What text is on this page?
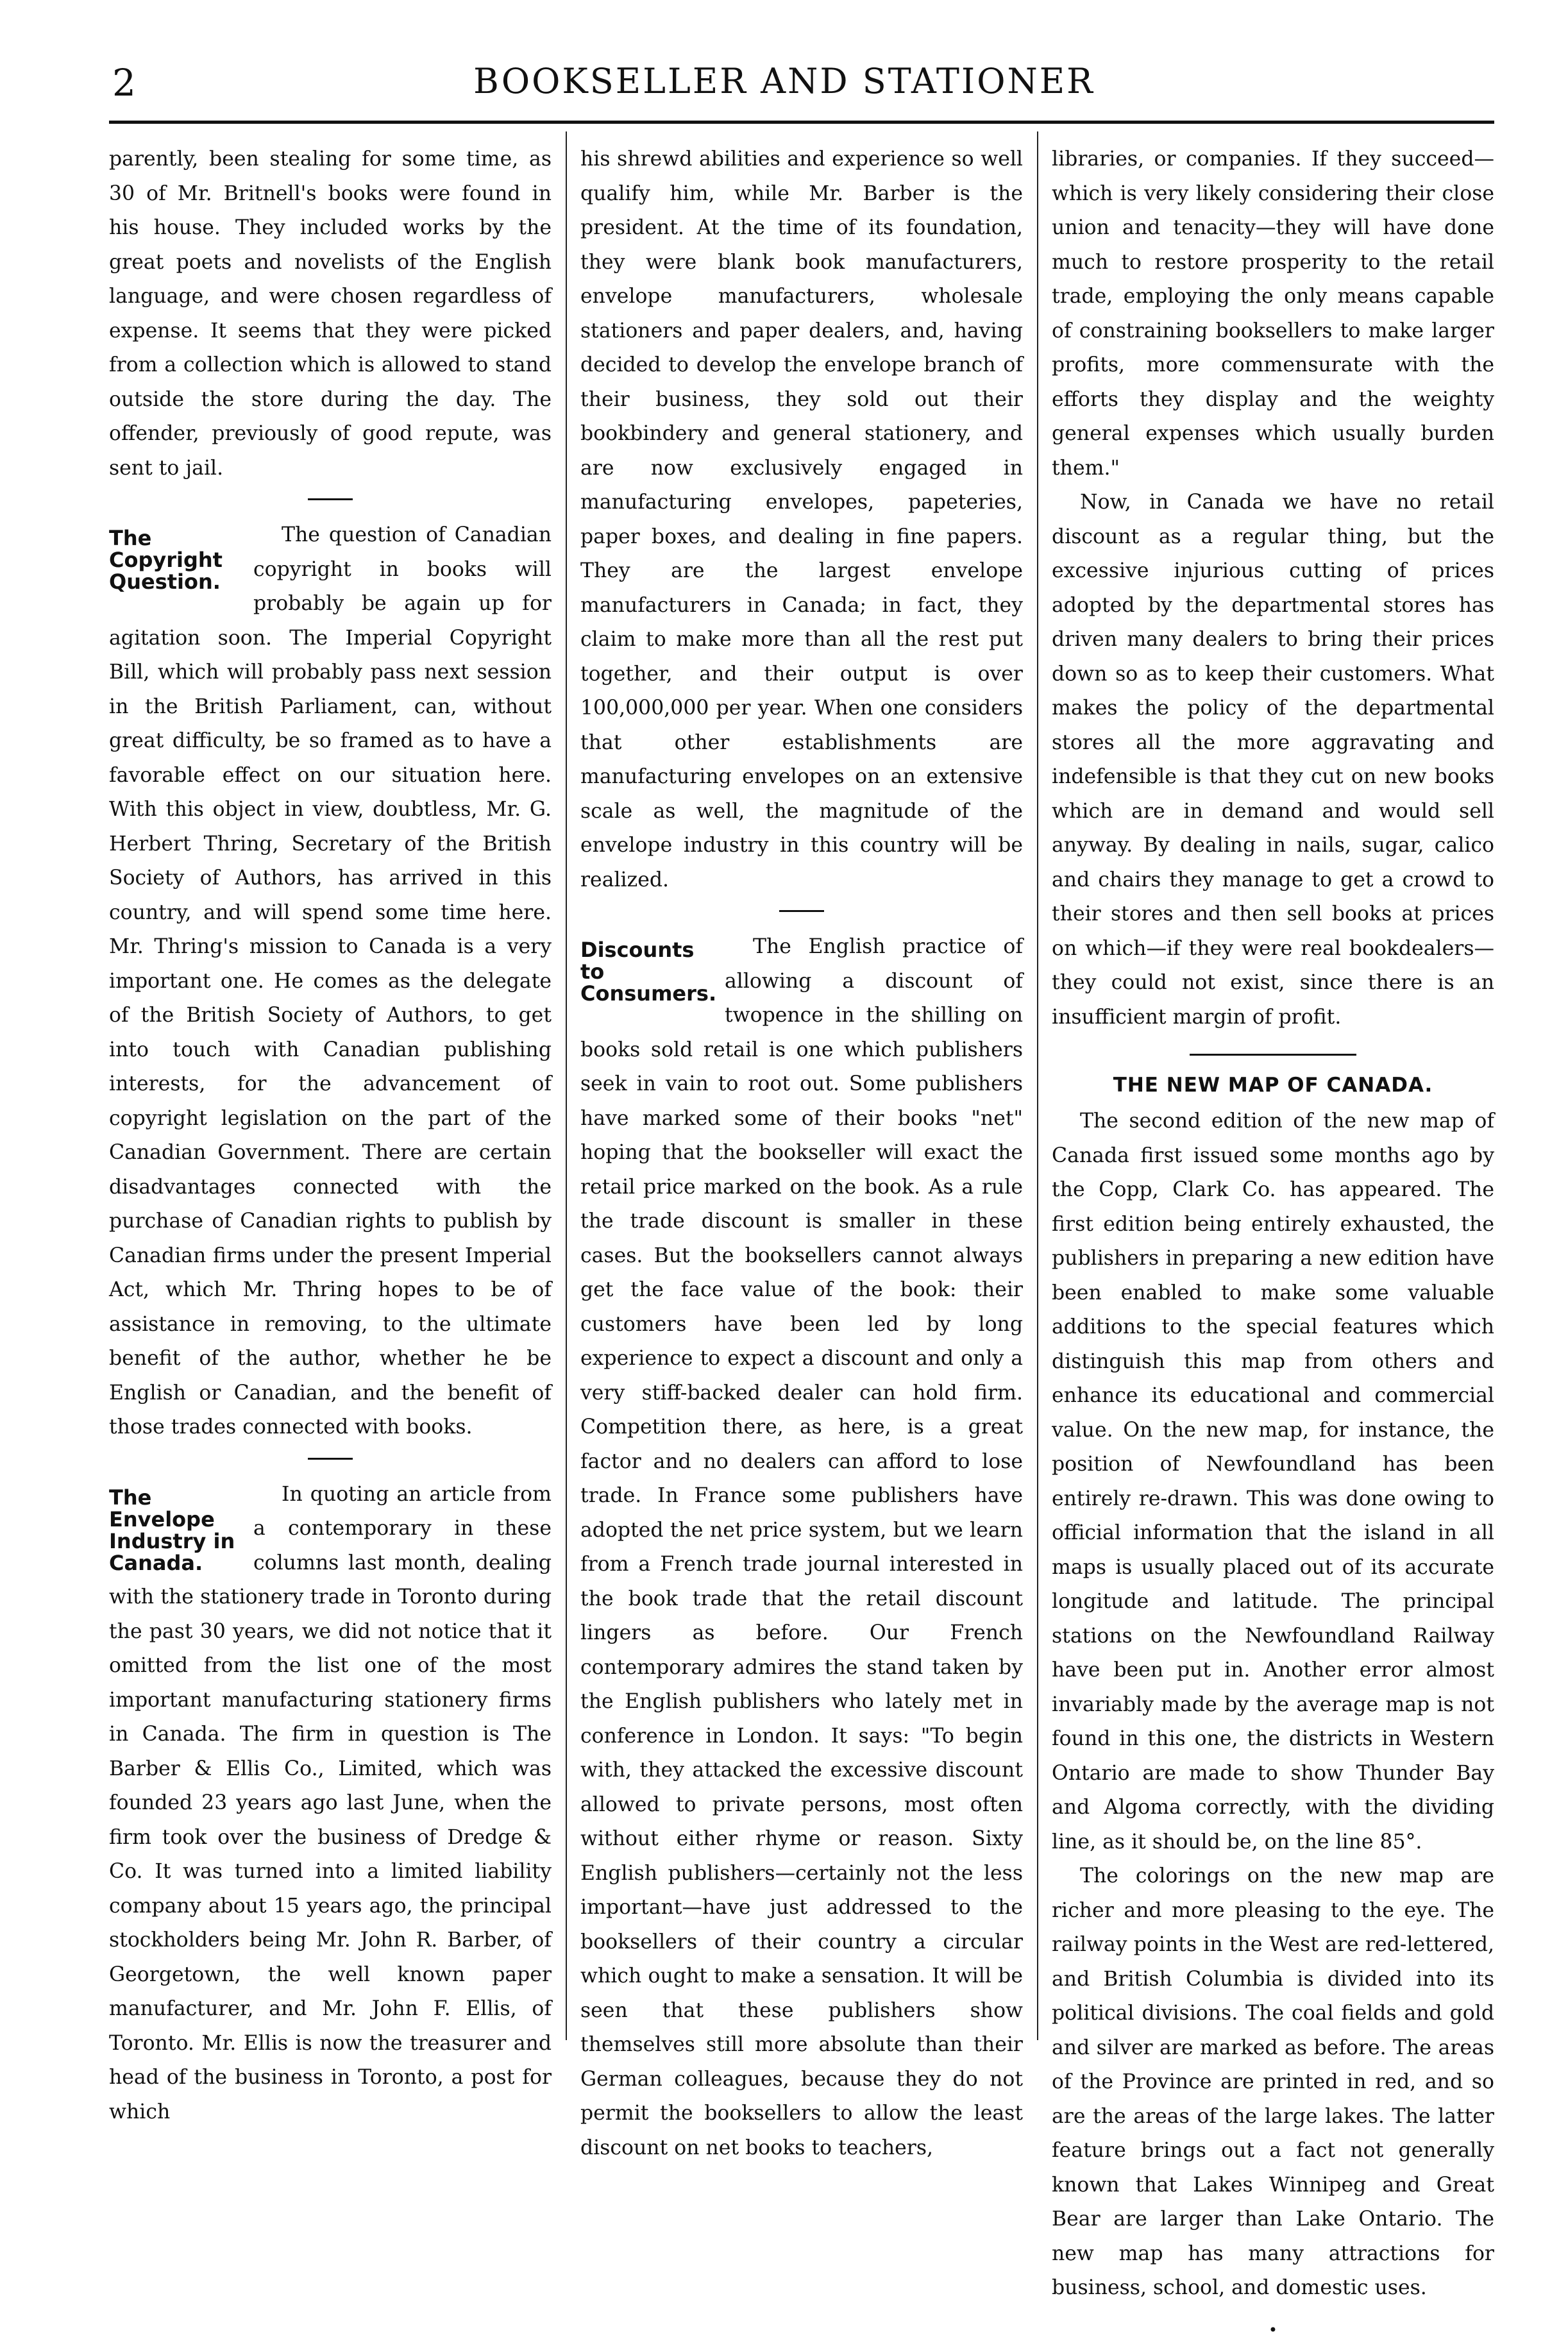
2	BOOKSELLER AND STATIONER

parently, been stealing for some time, as 30 of Mr. Britnell's books were found in his house. They included works by the great poets and novelists of the English language, and were chosen regardless of expense. It seems that they were picked from a collection which is allowed to stand outside the store during the day. The offender, previously of good repute, was sent to jail.

The Copyright Question.

The question of Canadian copyright in books will probably be again up for agitation soon. The Imperial Copyright Bill, which will probably pass next session in the British Parliament, can, without great difficulty, be so framed as to have a favorable effect on our situation here. With this object in view, doubtless, Mr. G. Herbert Thring, Secretary of the British Society of Authors, has arrived in this country, and will spend some time here. Mr. Thring's mission to Canada is a very important one. He comes as the delegate of the British Society of Authors, to get into touch with Canadian publishing interests, for the advancement of copyright legislation on the part of the Canadian Government. There are certain disadvantages connected with the purchase of Canadian rights to publish by Canadian firms under the present Imperial Act, which Mr. Thring hopes to be of assistance in removing, to the ultimate benefit of the author, whether he be English or Canadian, and the benefit of those trades connected with books.

The Envelope Industry in Canada.

In quoting an article from a contemporary in these columns last month, dealing with the stationery trade in Toronto during the past 30 years, we did not notice that it omitted from the list one of the most important manufacturing stationery firms in Canada. The firm in question is The Barber & Ellis Co., Limited, which was founded 23 years ago last June, when the firm took over the business of Dredge & Co. It was turned into a limited liability company about 15 years ago, the principal stockholders being Mr. John R. Barber, of Georgetown, the well known paper manufacturer, and Mr. John F. Ellis, of Toronto. Mr. Ellis is now the treasurer and head of the business in Toronto, a post for which

his shrewd abilities and experience so well qualify him, while Mr. Barber is the president. At the time of its foundation, they were blank book manufacturers, envelope manufacturers, wholesale stationers and paper dealers, and, having decided to develop the envelope branch of their business, they sold out their bookbindery and general stationery, and are now exclusively engaged in manufacturing envelopes, papeteries, paper boxes, and dealing in fine papers. They are the largest envelope manufacturers in Canada; in fact, they claim to make more than all the rest put together, and their output is over 100,000,000 per year. When one considers that other establishments are manufacturing envelopes on an extensive scale as well, the magnitude of the envelope industry in this country will be realized.

Discounts to Consumers.

The English practice of allowing a discount of twopence in the shilling on books sold retail is one which publishers seek in vain to root out. Some publishers have marked some of their books "net" hoping that the bookseller will exact the retail price marked on the book. As a rule the trade discount is smaller in these cases. But the booksellers cannot always get the face value of the book: their customers have been led by long experience to expect a discount and only a very stiff-backed dealer can hold firm. Competition there, as here, is a great factor and no dealers can afford to lose trade. In France some publishers have adopted the net price system, but we learn from a French trade journal interested in the book trade that the retail discount lingers as before. Our French contemporary admires the stand taken by the English publishers who lately met in conference in London. It says: "To begin with, they attacked the excessive discount allowed to private persons, most often without either rhyme or reason. Sixty English publishers—certainly not the less important—have just addressed to the booksellers of their country a circular which ought to make a sensation. It will be seen that these publishers show themselves still more absolute than their German colleagues, because they do not permit the booksellers to allow the least discount on net books to teachers,

libraries, or companies. If they succeed—which is very likely considering their close union and tenacity—they will have done much to restore prosperity to the retail trade, employing the only means capable of constraining booksellers to make larger profits, more commensurate with the efforts they display and the weighty general expenses which usually burden them."

Now, in Canada we have no retail discount as a regular thing, but the excessive injurious cutting of prices adopted by the departmental stores has driven many dealers to bring their prices down so as to keep their customers. What makes the policy of the departmental stores all the more aggravating and indefensible is that they cut on new books which are in demand and would sell anyway. By dealing in nails, sugar, calico and chairs they manage to get a crowd to their stores and then sell books at prices on which—if they were real bookdealers—they could not exist, since there is an insufficient margin of profit.

THE NEW MAP OF CANADA.

The second edition of the new map of Canada first issued some months ago by the Copp, Clark Co. has appeared. The first edition being entirely exhausted, the publishers in preparing a new edition have been enabled to make some valuable additions to the special features which distinguish this map from others and enhance its educational and commercial value. On the new map, for instance, the position of Newfoundland has been entirely re-drawn. This was done owing to official information that the island in all maps is usually placed out of its accurate longitude and latitude. The principal stations on the Newfoundland Railway have been put in. Another error almost invariably made by the average map is not found in this one, the districts in Western Ontario are made to show Thunder Bay and Algoma correctly, with the dividing line, as it should be, on the line 85°.

The colorings on the new map are richer and more pleasing to the eye. The railway points in the West are red-lettered, and British Columbia is divided into its political divisions. The coal fields and gold and silver are marked as before. The areas of the Province are printed in red, and so are the areas of the large lakes. The latter feature brings out a fact not generally known that Lakes Winnipeg and Great Bear are larger than Lake Ontario. The new map has many attractions for business, school, and domestic uses.

•
